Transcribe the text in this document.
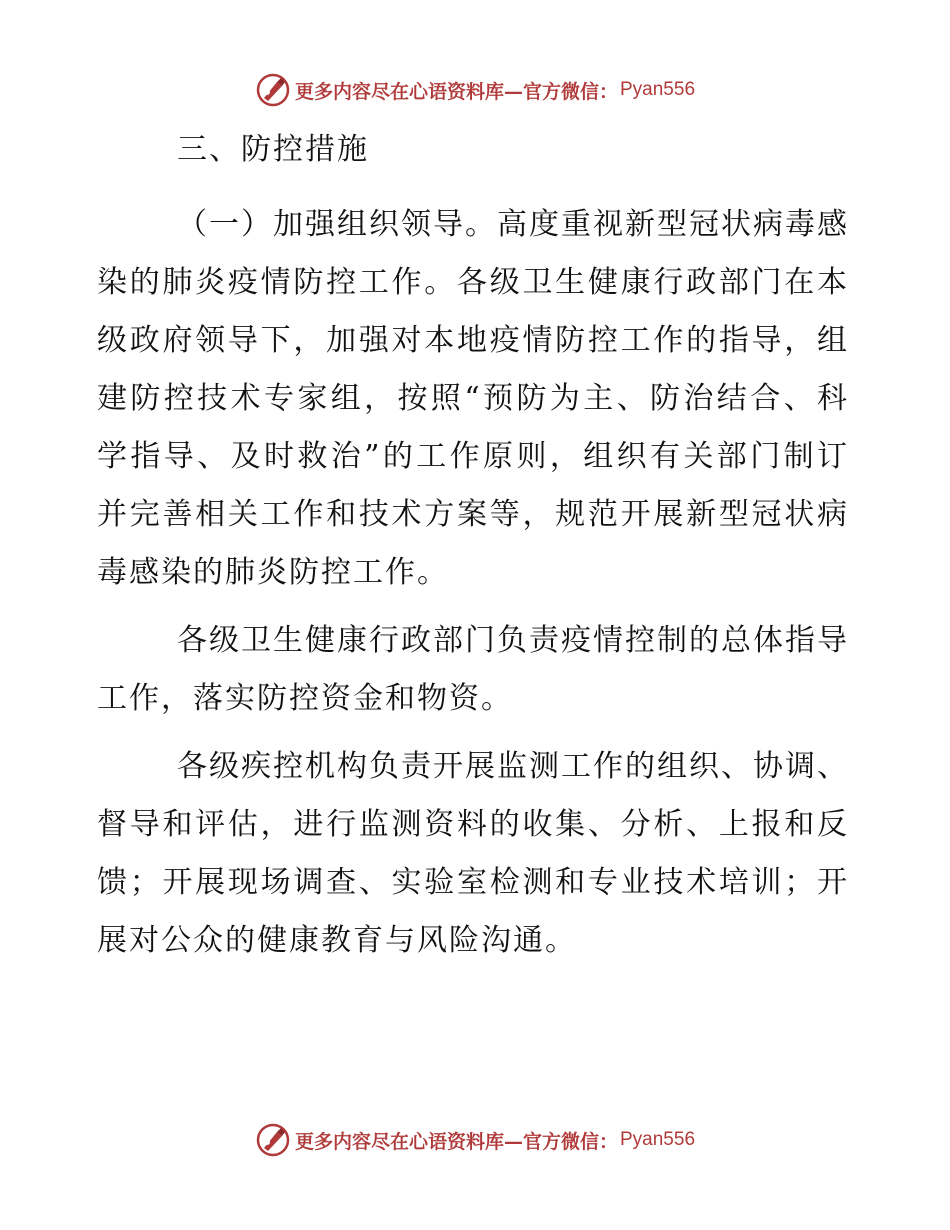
更多内容尽在心语资料库—官方微信： Pyan556
三、防控措施

（一）加强组织领导。高度重视新型冠状病毒感染的肺炎疫情防控工作。各级卫生健康行政部门在本级政府领导下，加强对本地疫情防控工作的指导，组建防控技术专家组，按照“预防为主、防治结合、科学指导、及时救治”的工作原则，组织有关部门制订并完善相关工作和技术方案等，规范开展新型冠状病毒感染的肺炎防控工作。

各级卫生健康行政部门负责疫情控制的总体指导工作，落实防控资金和物资。

各级疾控机构负责开展监测工作的组织、协调、督导和评估，进行监测资料的收集、分析、上报和反馈；开展现场调查、实验室检测和专业技术培训；开展对公众的健康教育与风险沟通。

更多内容尽在心语资料库—官方微信： Pyan556
